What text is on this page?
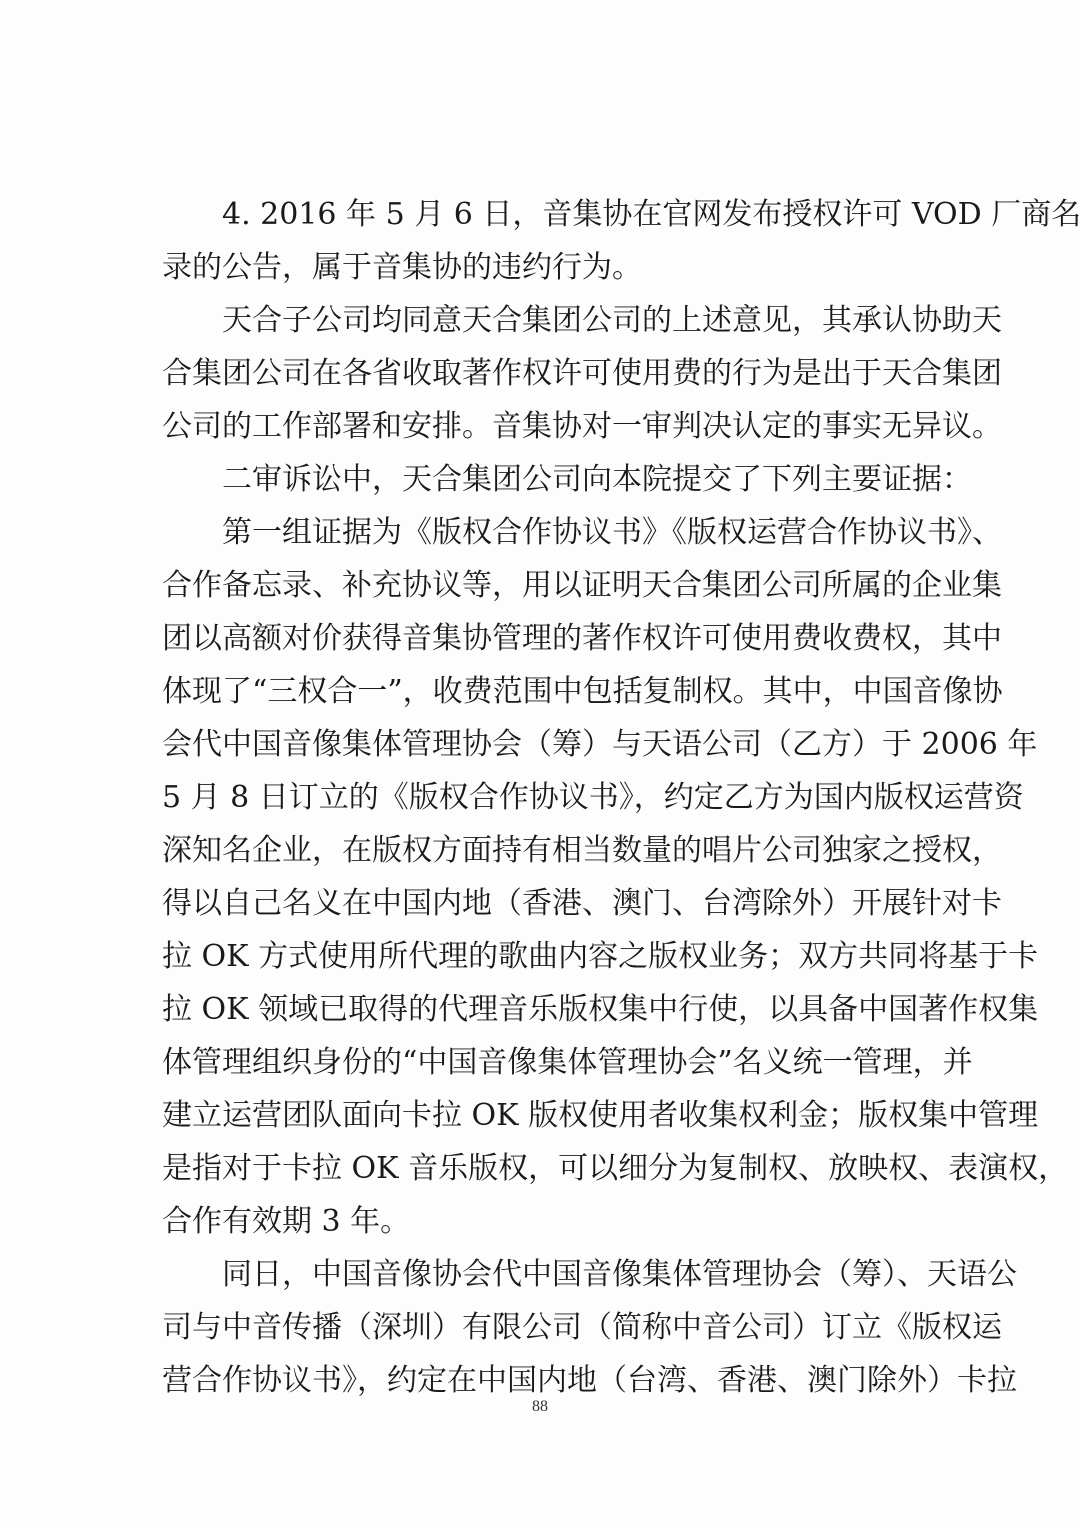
4. 2016 年 5 月 6 日，音集协在官网发布授权许可 VOD 厂商名
录的公告，属于音集协的违约行为。
天合子公司均同意天合集团公司的上述意见，其承认协助天
合集团公司在各省收取著作权许可使用费的行为是出于天合集团
公司的工作部署和安排。音集协对一审判决认定的事实无异议。
二审诉讼中，天合集团公司向本院提交了下列主要证据：
第一组证据为《版权合作协议书》《版权运营合作协议书》、
合作备忘录、补充协议等，用以证明天合集团公司所属的企业集
团以高额对价获得音集协管理的著作权许可使用费收费权，其中
体现了“三权合一”，收费范围中包括复制权。其中，中国音像协
会代中国音像集体管理协会（筹）与天语公司（乙方）于 2006 年
5 月 8 日订立的《版权合作协议书》，约定乙方为国内版权运营资
深知名企业，在版权方面持有相当数量的唱片公司独家之授权，
得以自己名义在中国内地（香港、澳门、台湾除外）开展针对卡
拉 OK 方式使用所代理的歌曲内容之版权业务；双方共同将基于卡
拉 OK 领域已取得的代理音乐版权集中行使，以具备中国著作权集
体管理组织身份的“中国音像集体管理协会”名义统一管理，并
建立运营团队面向卡拉 OK 版权使用者收集权利金；版权集中管理
是指对于卡拉 OK 音乐版权，可以细分为复制权、放映权、表演权，
合作有效期 3 年。
同日，中国音像协会代中国音像集体管理协会（筹）、天语公
司与中音传播（深圳）有限公司（简称中音公司）订立《版权运
营合作协议书》，约定在中国内地（台湾、香港、澳门除外）卡拉
88
